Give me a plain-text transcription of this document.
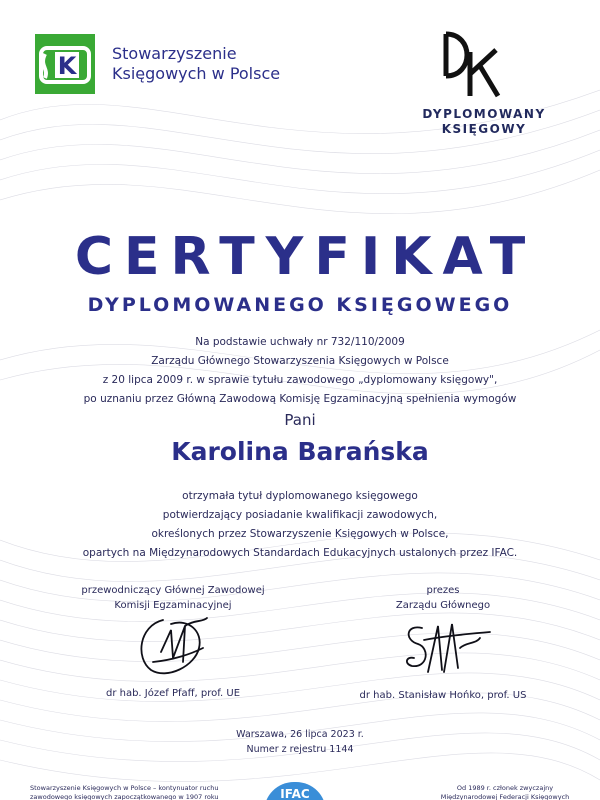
K Stowarzyszenie
Księgowych w Polsce
DYPLOMOWANY
KSIĘGOWY
CERTYFIKAT
DYPLOMOWANEGO KSIĘGOWEGO
Na podstawie uchwały nr 732/110/2009
Zarządu Głównego Stowarzyszenia Księgowych w Polsce
z 20 lipca 2009 r. w sprawie tytułu zawodowego „dyplomowany księgowy",
po uznaniu przez Główną Zawodową Komisję Egzaminacyjną spełnienia wymogów
Pani
Karolina Barańska
otrzymała tytuł dyplomowanego księgowego
potwierdzający posiadanie kwalifikacji zawodowych,
określonych przez Stowarzyszenie Księgowych w Polsce,
opartych na Międzynarodowych Standardach Edukacyjnych ustalonych przez IFAC.
przewodniczący Głównej Zawodowej
Komisji Egzaminacyjnej
prezes
Zarządu Głównego
dr hab. Józef Pfaff, prof. UE	dr hab. Stanisław Hońko, prof. US
Warszawa, 26 lipca 2023 r.
Numer z rejestru 1144
Stowarzyszenie Księgowych w Polsce – kontynuator ruchu
zawodowego księgowych zapoczątkowanego w 1907 roku	IFAC	Od 1989 r. członek zwyczajny
Międzynarodowej Federacji Księgowych
